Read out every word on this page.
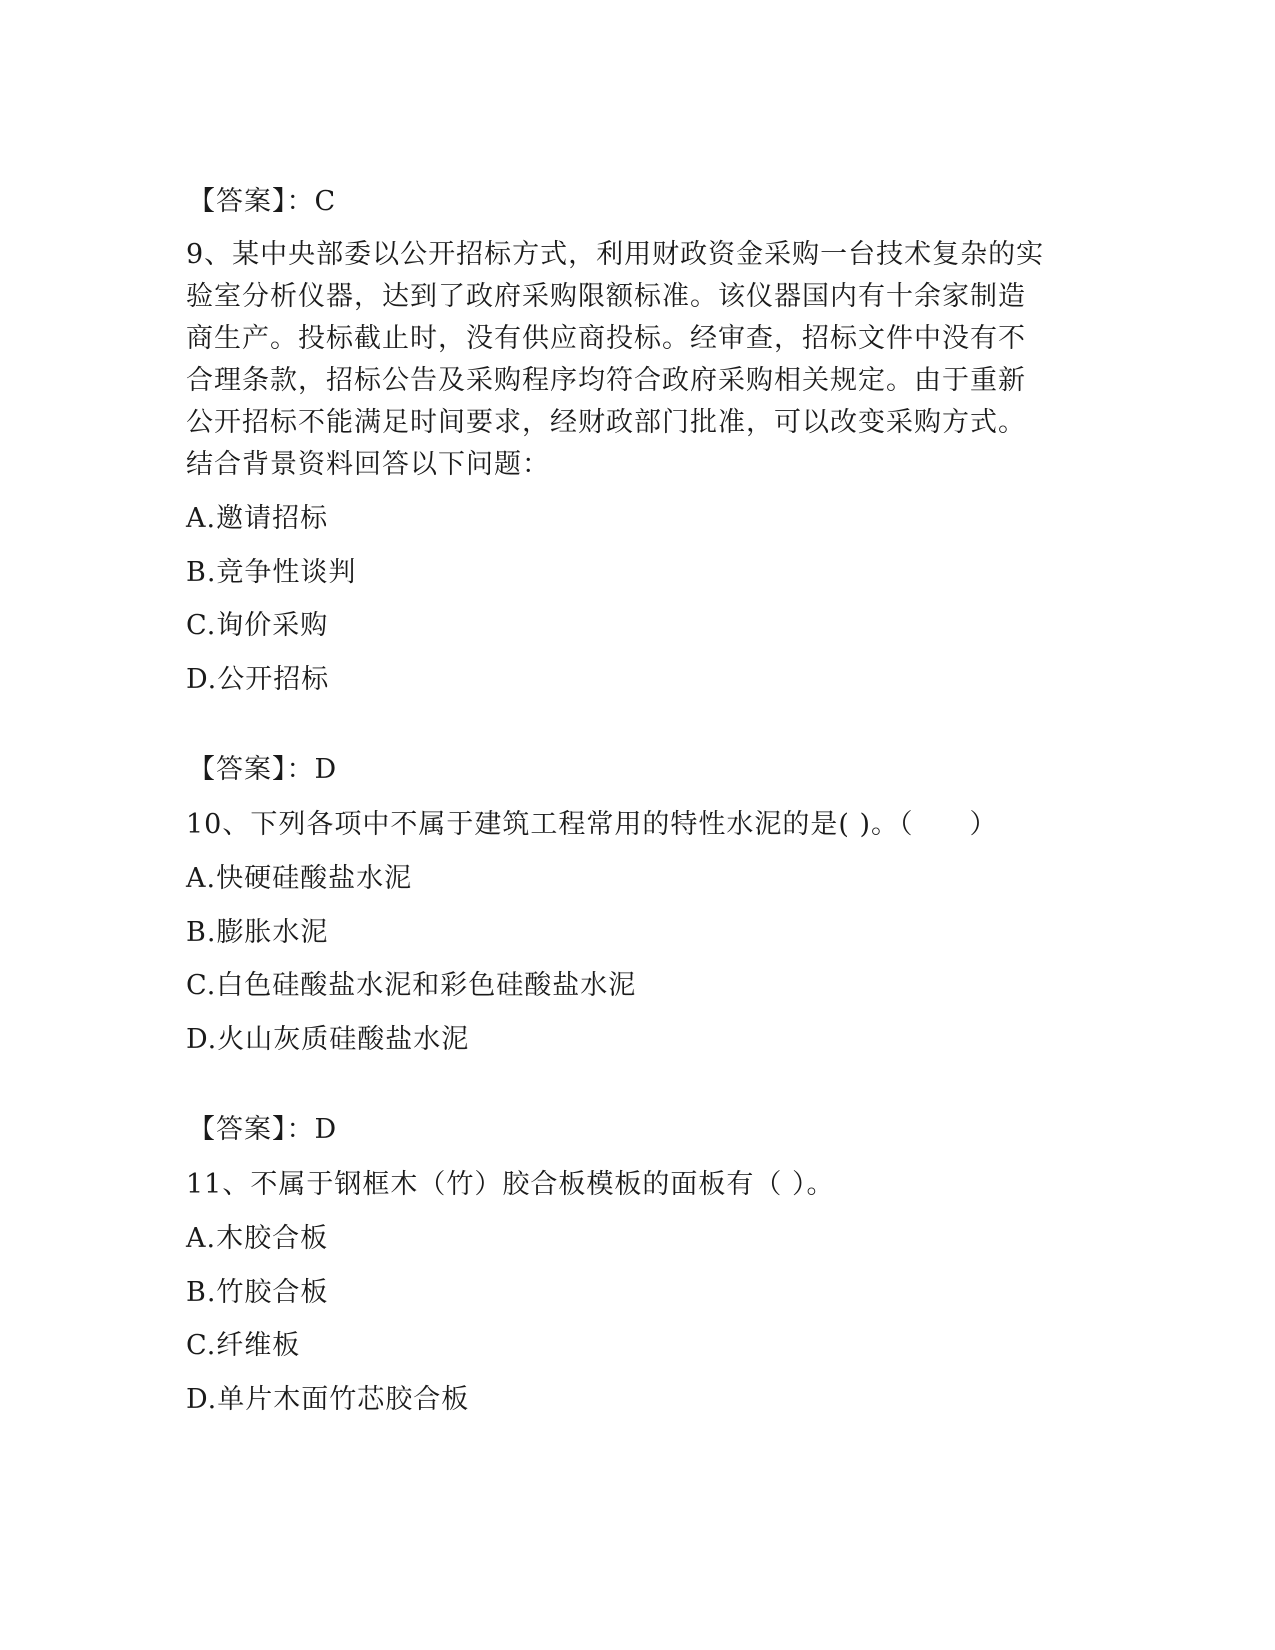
【答案】：C
9、某中央部委以公开招标方式，利用财政资金采购一台技术复杂的实
验室分析仪器，达到了政府采购限额标准。该仪器国内有十余家制造
商生产。投标截止时，没有供应商投标。经审查，招标文件中没有不
合理条款，招标公告及采购程序均符合政府采购相关规定。由于重新
公开招标不能满足时间要求，经财政部门批准，可以改变采购方式。
结合背景资料回答以下问题：
A.邀请招标
B.竞争性谈判
C.询价采购
D.公开招标
【答案】：D
10、下列各项中不属于建筑工程常用的特性水泥的是( )。（　　）
A.快硬硅酸盐水泥
B.膨胀水泥
C.白色硅酸盐水泥和彩色硅酸盐水泥
D.火山灰质硅酸盐水泥
【答案】：D
11、不属于钢框木（竹）胶合板模板的面板有（ ）。
A.木胶合板
B.竹胶合板
C.纤维板
D.单片木面竹芯胶合板
